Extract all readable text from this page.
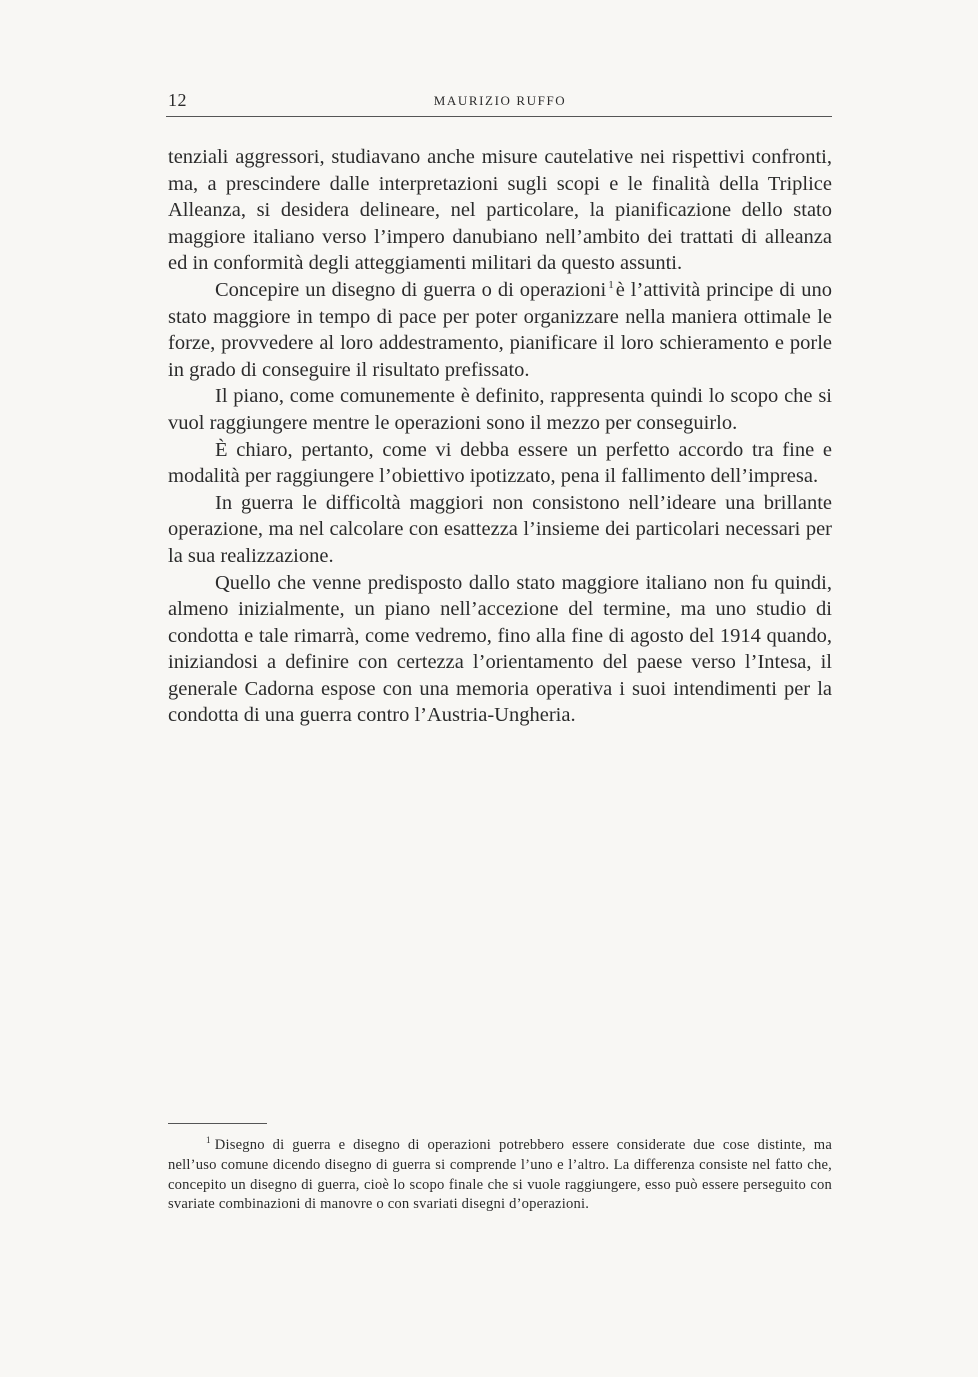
12	MAURIZIO RUFFO

tenziali aggressori, studiavano anche misure cautelative nei rispettivi confronti, ma, a prescindere dalle interpretazioni sugli scopi e le finalità della Triplice Alleanza, si desidera delineare, nel particolare, la pianificazione dello stato maggiore italiano verso l’impero danubiano nell’ambito dei trattati di alleanza ed in conformità degli atteggiamenti militari da questo assunti.

Concepire un disegno di guerra o di operazioni $^1$è l’attività principe di uno stato maggiore in tempo di pace per poter organizzare nella maniera ottimale le forze, provvedere al loro addestramento, pianificare il loro schieramento e porle in grado di conseguire il risultato prefissato.

Il piano, come comunemente è definito, rappresenta quindi lo scopo che si vuol raggiungere mentre le operazioni sono il mezzo per conseguirlo.

È chiaro, pertanto, come vi debba essere un perfetto accordo tra fine e modalità per raggiungere l’obiettivo ipotizzato, pena il fallimento dell’impresa.

In guerra le difficoltà maggiori non consistono nell’ideare una brillante operazione, ma nel calcolare con esattezza l’insieme dei particolari necessari per la sua realizzazione.

Quello che venne predisposto dallo stato maggiore italiano non fu quindi, almeno inizialmente, un piano nell’accezione del termine, ma uno studio di condotta e tale rimarrà, come vedremo, fino alla fine di agosto del 1914 quando, iniziandosi a definire con certezza l’orientamento del paese verso l’Intesa, il generale Cadorna espose con una memoria operativa i suoi intendimenti per la condotta di una guerra contro l’Austria-Ungheria.

$^1$ Disegno di guerra e disegno di operazioni potrebbero essere considerate due cose distinte, ma nell’uso comune dicendo disegno di guerra si comprende l’uno e l’altro. La differenza consiste nel fatto che, concepito un disegno di guerra, cioè lo scopo finale che si vuole raggiungere, esso può essere perseguito con svariate combinazioni di manovre o con svariati disegni d’operazioni.
